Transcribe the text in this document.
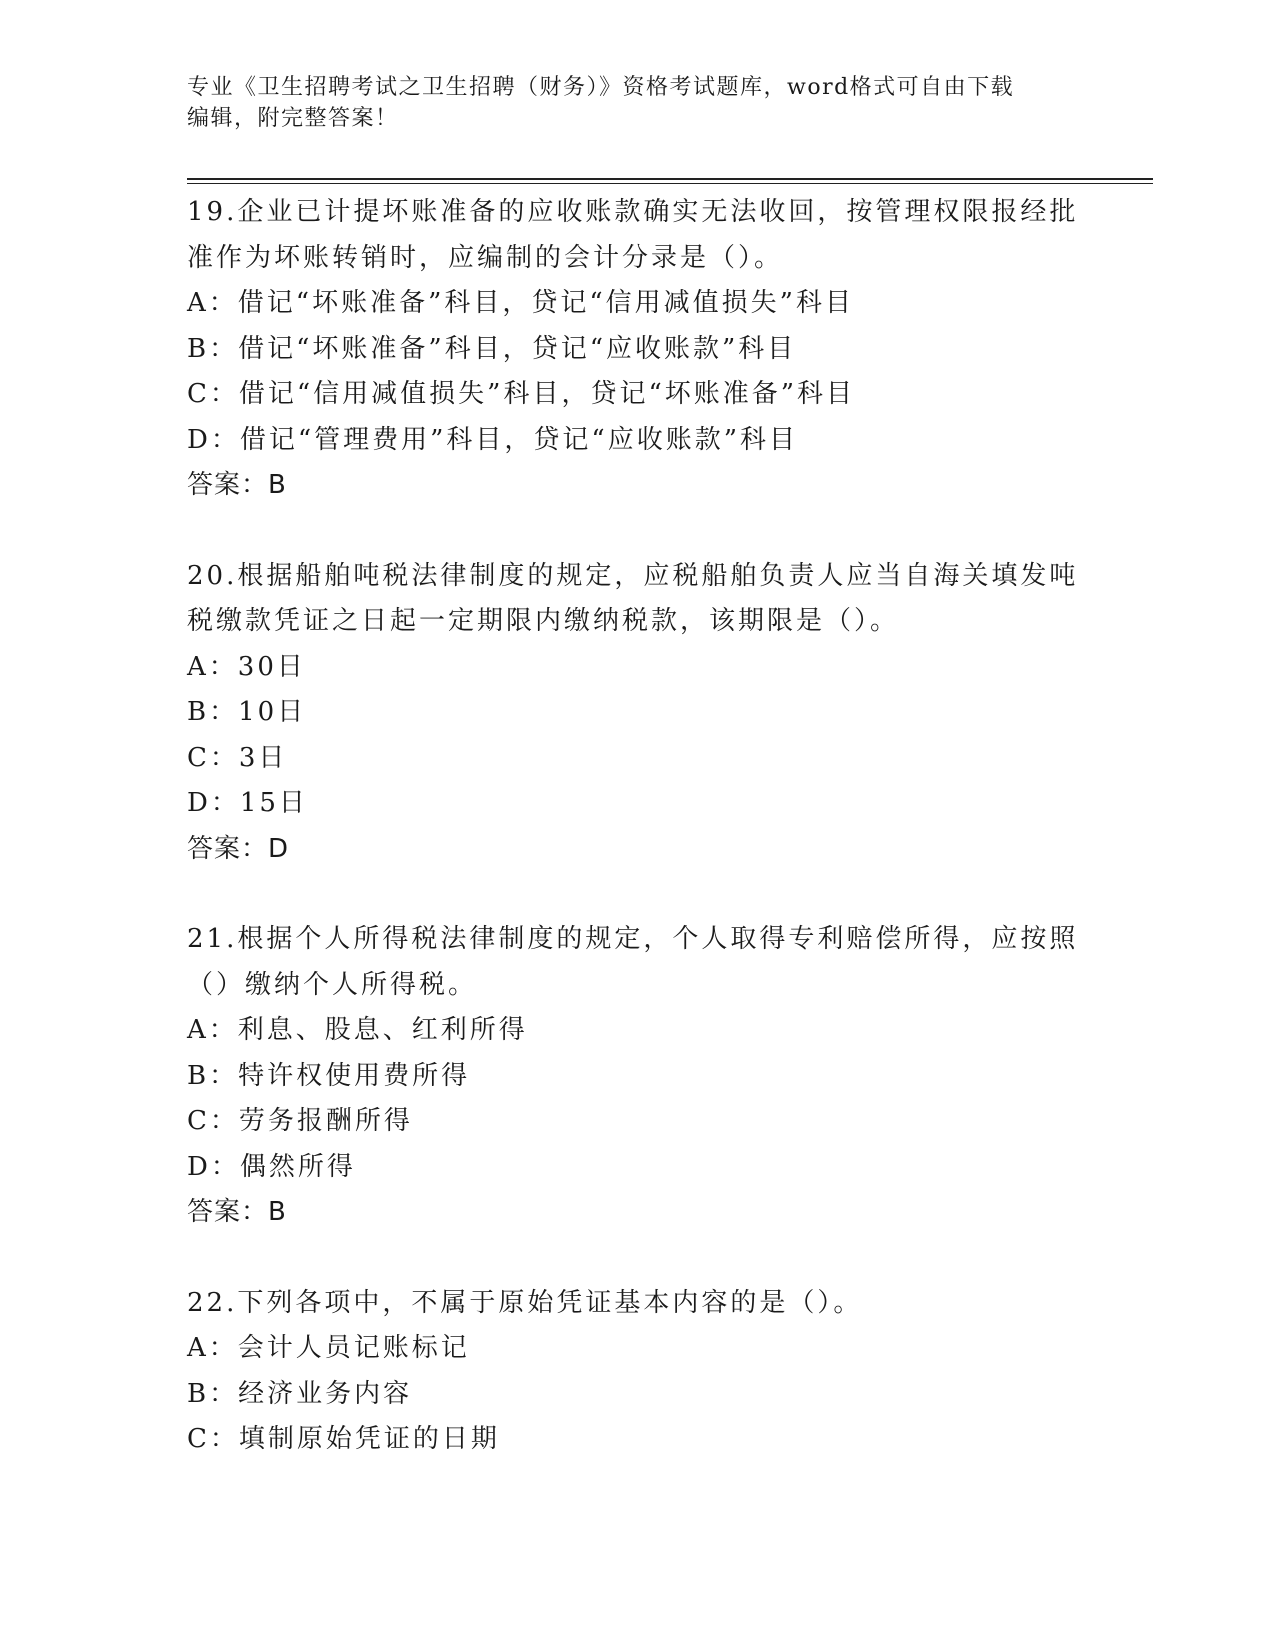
专业《卫生招聘考试之卫生招聘（财务）》资格考试题库，word格式可自由下载
编辑，附完整答案！
19.企业已计提坏账准备的应收账款确实无法收回，按管理权限报经批
准作为坏账转销时，应编制的会计分录是（）。
A：借记“坏账准备”科目，贷记“信用减值损失”科目
B：借记“坏账准备”科目，贷记“应收账款”科目
C：借记“信用减值损失”科目，贷记“坏账准备”科目
D：借记“管理费用”科目，贷记“应收账款”科目
答案：B
20.根据船舶吨税法律制度的规定，应税船舶负责人应当自海关填发吨
税缴款凭证之日起一定期限内缴纳税款，该期限是（）。
A：30日
B：10日
C：3日
D：15日
答案：D
21.根据个人所得税法律制度的规定，个人取得专利赔偿所得，应按照
（）缴纳个人所得税。
A：利息、股息、红利所得
B：特许权使用费所得
C：劳务报酬所得
D：偶然所得
答案：B
22.下列各项中，不属于原始凭证基本内容的是（）。
A：会计人员记账标记
B：经济业务内容
C：填制原始凭证的日期
